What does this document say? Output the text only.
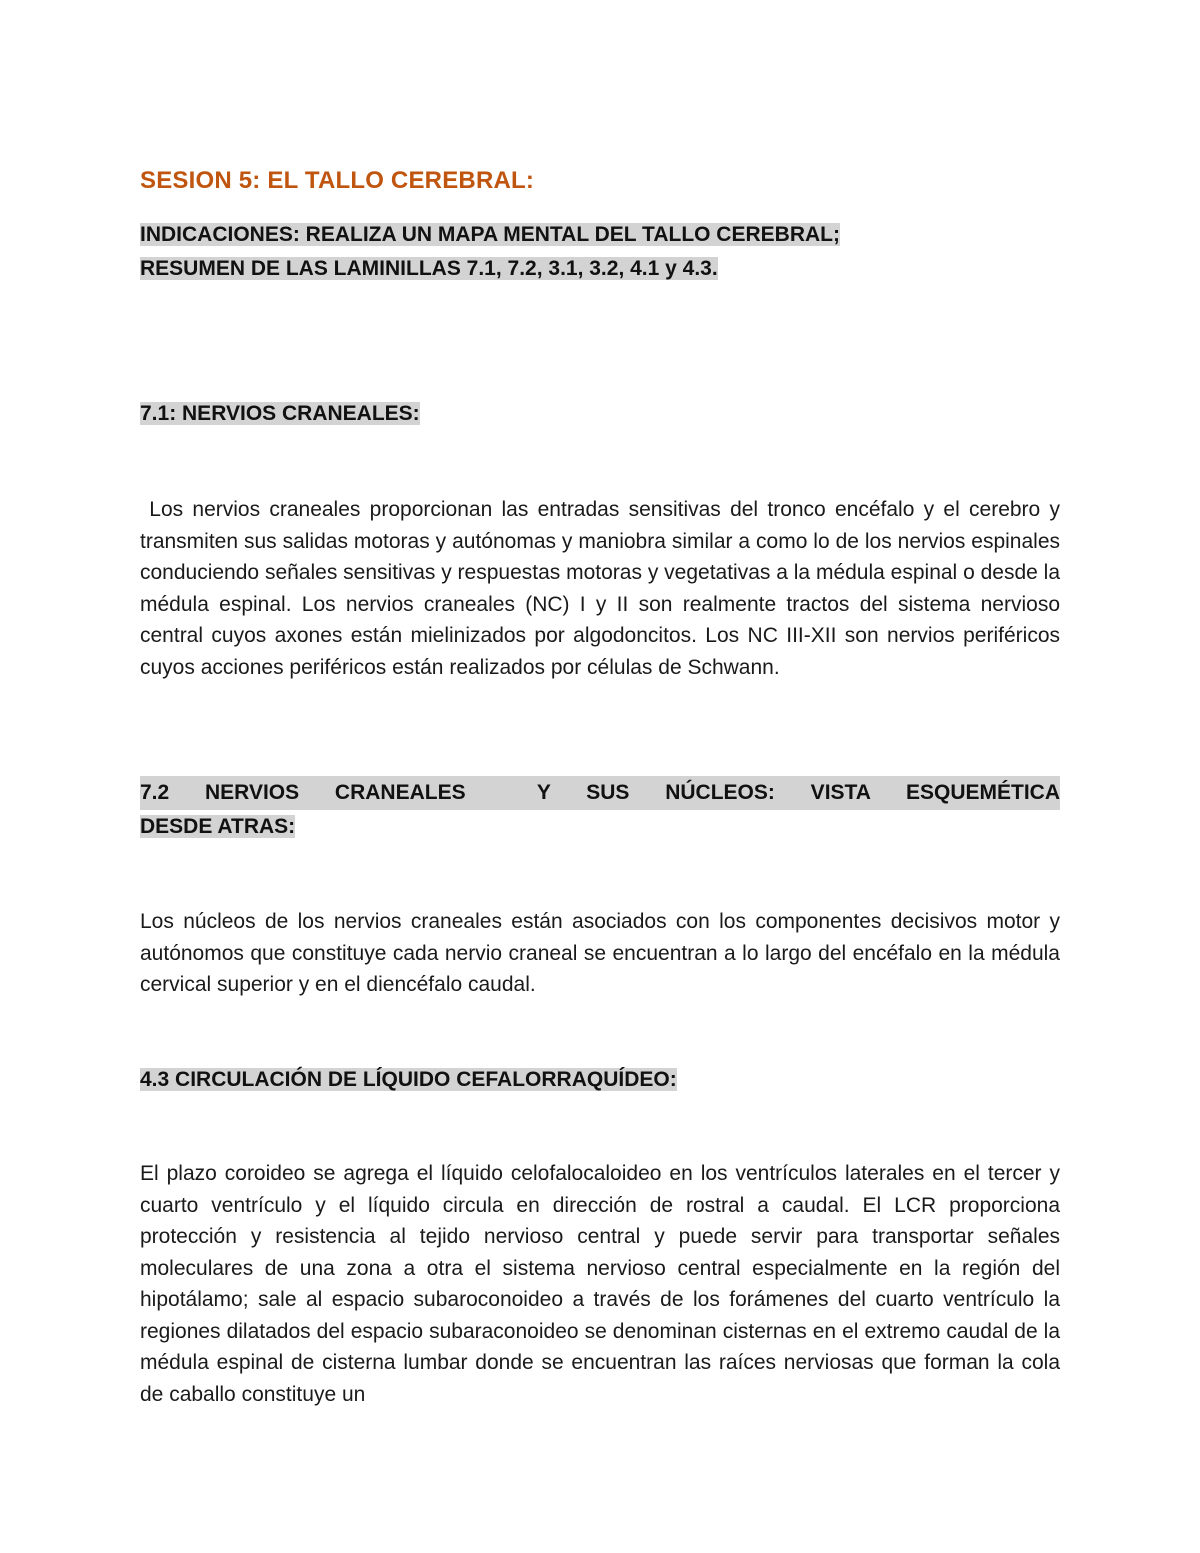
SESION 5: EL TALLO CEREBRAL:

INDICACIONES: REALIZA UN MAPA MENTAL DEL TALLO CEREBRAL;
RESUMEN DE LAS LAMINILLAS 7.1, 7.2, 3.1, 3.2, 4.1 y 4.3.

7.1: NERVIOS CRANEALES:

Los nervios craneales proporcionan las entradas sensitivas del tronco encéfalo y el cerebro y transmiten sus salidas motoras y autónomas y maniobra similar a como lo de los nervios espinales conduciendo señales sensitivas y respuestas motoras y vegetativas a la médula espinal o desde la médula espinal. Los nervios craneales (NC) I y II son realmente tractos del sistema nervioso central cuyos axones están mielinizados por algodoncitos. Los NC III-XII son nervios periféricos cuyos acciones periféricos están realizados por células de Schwann.

7.2 NERVIOS CRANEALES  Y SUS NÚCLEOS: VISTA ESQUEMÉTICA
DESDE ATRAS:

Los núcleos de los nervios craneales están asociados con los componentes decisivos motor y autónomos que constituye cada nervio craneal se encuentran a lo largo del encéfalo en la médula cervical superior y en el diencéfalo caudal.

4.3 CIRCULACIÓN DE LÍQUIDO CEFALORRAQUÍDEO:

El plazo coroideo se agrega el líquido celofalocaloideo en los ventrículos laterales en el tercer y cuarto ventrículo y el líquido circula en dirección de rostral a caudal. El LCR proporciona protección y resistencia al tejido nervioso central y puede servir para transportar señales moleculares de una zona a otra el sistema nervioso central especialmente en la región del hipotálamo; sale al espacio subaroconoideo a través de los forámenes del cuarto ventrículo la regiones dilatados del espacio subaraconoideo se denominan cisternas en el extremo caudal de la médula espinal de cisterna lumbar donde se encuentran las raíces nerviosas que forman la cola de caballo constituye un
